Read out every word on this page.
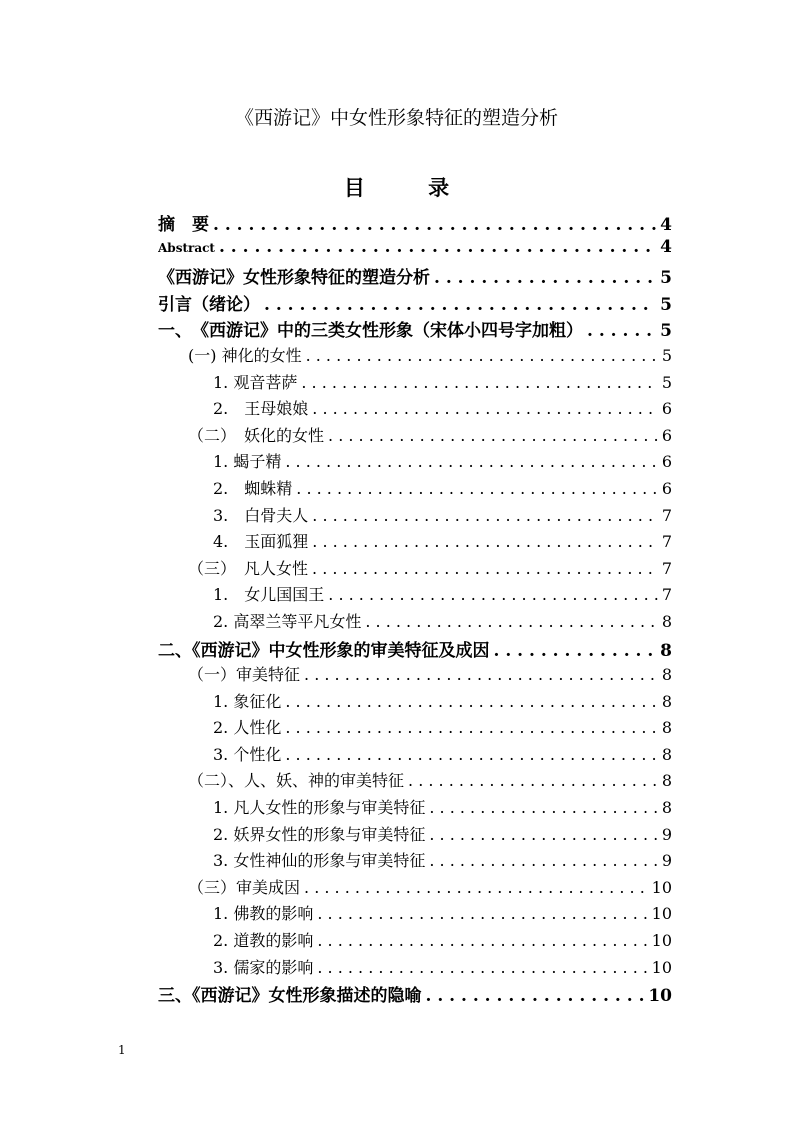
《西游记》中女性形象特征的塑造分析
目 录
摘　要 . . .	4
Abstract . . .	4
《西游记》女性形象特征的塑造分析 . . .	5
引言（绪论） . . .	5
一、　《西游记》中的三类女性形象（宋体小四号字加粗） . . .	5
(一) 神化的女性 . . .	5
1. 观音菩萨 . . .	5
2.　王母娘娘 . . .	6
（二）　妖化的女性 . . .	6
1. 蝎子精 . . .	6
2.　蜘蛛精 . . .	6
3.　白骨夫人 . . .	7
4.　玉面狐狸 . . .	7
（三）　凡人女性 . . .	7
1.　女儿国国王 . . .	7
2. 高翠兰等平凡女性 . . .	8
二、《西游记》中女性形象的审美特征及成因 . . .	8
（一）审美特征 . . .	8
1. 象征化 . . .	8
2. 人性化 . . .	8
3. 个性化 . . .	8
（二）、人、妖、神的审美特征 . . .	8
1. 凡人女性的形象与审美特征 . . .	8
2. 妖界女性的形象与审美特征 . . .	9
3. 女性神仙的形象与审美特征 . . .	9
（三）审美成因 . . .	10
1. 佛教的影响 . . .	10
2. 道教的影响 . . .	10
3. 儒家的影响 . . .	10
三、《西游记》女性形象描述的隐喻 . . .	10
1
